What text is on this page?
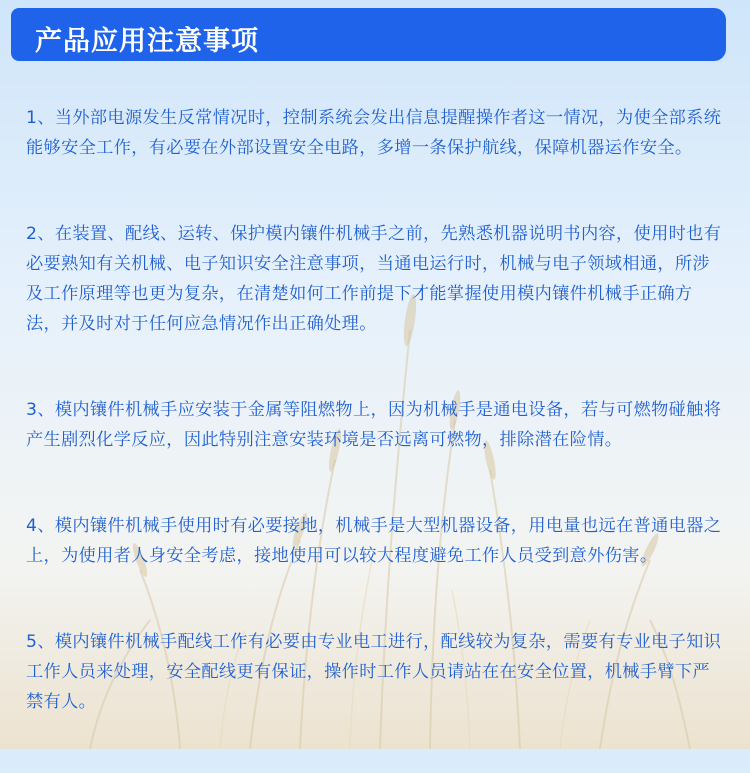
产品应用注意事项

1、当外部电源发生反常情况时，控制系统会发出信息提醒操作者这一情况，为使全部系统能够安全工作，有必要在外部设置安全电路，多增一条保护航线，保障机器运作安全。

2、在装置、配线、运转、保护模内镶件机械手之前，先熟悉机器说明书内容，使用时也有必要熟知有关机械、电子知识安全注意事项，当通电运行时，机械与电子领域相通，所涉及工作原理等也更为复杂，在清楚如何工作前提下才能掌握使用模内镶件机械手正确方法，并及时对于任何应急情况作出正确处理。

3、模内镶件机械手应安装于金属等阻燃物上，因为机械手是通电设备，若与可燃物碰触将产生剧烈化学反应，因此特别注意安装环境是否远离可燃物，排除潜在险情。

4、模内镶件机械手使用时有必要接地，机械手是大型机器设备，用电量也远在普通电器之上，为使用者人身安全考虑，接地使用可以较大程度避免工作人员受到意外伤害。

5、模内镶件机械手配线工作有必要由专业电工进行，配线较为复杂，需要有专业电子知识工作人员来处理，安全配线更有保证，操作时工作人员请站在在安全位置，机械手臂下严禁有人。
